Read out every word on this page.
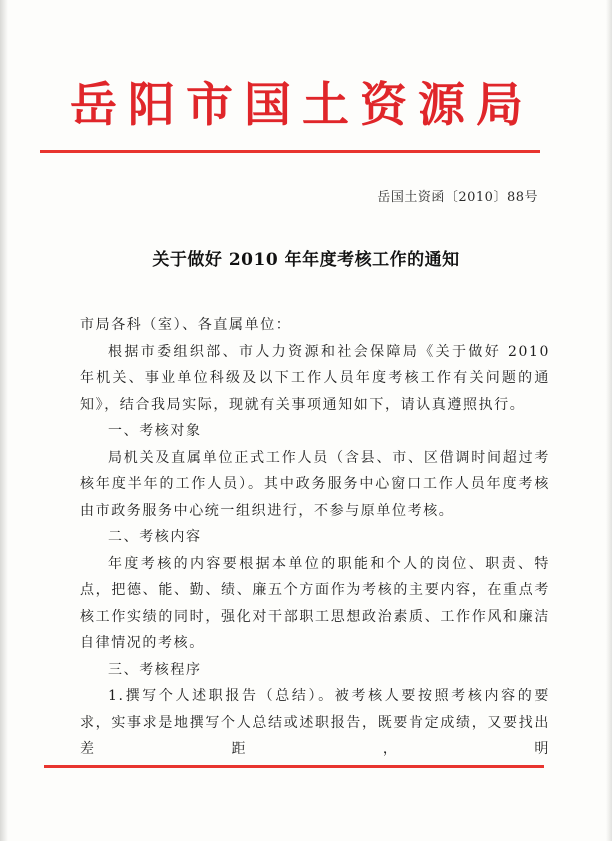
岳阳市国土资源局
岳国土资函〔2010〕88号
关于做好 2010 年年度考核工作的通知

市局各科（室）、各直属单位：

根据市委组织部、市人力资源和社会保障局《关于做好 2010 年机关、事业单位科级及以下工作人员年度考核工作有关问题的通知》，结合我局实际，现就有关事项通知如下，请认真遵照执行。

一、考核对象

局机关及直属单位正式工作人员（含县、市、区借调时间超过考核年度半年的工作人员）。其中政务服务中心窗口工作人员年度考核由市政务服务中心统一组织进行，不参与原单位考核。

二、考核内容

年度考核的内容要根据本单位的职能和个人的岗位、职责、特点，把德、能、勤、绩、廉五个方面作为考核的主要内容，在重点考核工作实绩的同时，强化对干部职工思想政治素质、工作作风和廉洁自律情况的考核。

三、考核程序

1.撰写个人述职报告（总结）。被考核人要按照考核内容的要求，实事求是地撰写个人总结或述职报告，既要肯定成绩，又要找出差距，明
